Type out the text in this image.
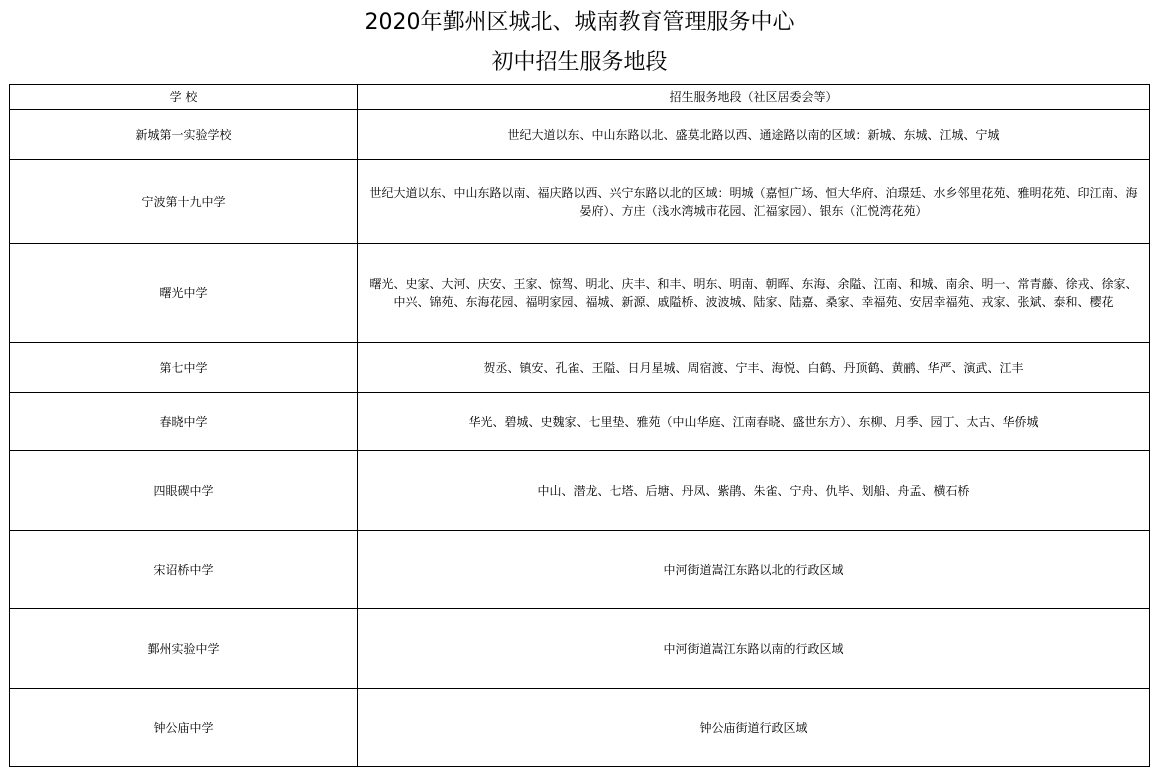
2020年鄞州区城北、城南教育管理服务中心
初中招生服务地段
学 校	招生服务地段（社区居委会等）
新城第一实验学校	世纪大道以东、中山东路以北、盛莫北路以西、通途路以南的区域：新城、东城、江城、宁城
宁波第十九中学	世纪大道以东、中山东路以南、福庆路以西、兴宁东路以北的区域：明城（嘉恒广场、恒大华府、泊璟廷、水乡邻里花苑、雅明花苑、印江南、海晏府）、方庄（浅水湾城市花园、汇福家园）、银东（汇悦湾花苑）
曙光中学	曙光、史家、大河、庆安、王家、惊驾、明北、庆丰、和丰、明东、明南、朝晖、东海、余隘、江南、和城、南余、明一、常青藤、徐戎、徐家、中兴、锦苑、东海花园、福明家园、福城、新源、戚隘桥、波波城、陆家、陆嘉、桑家、幸福苑、安居幸福苑、戎家、张斌、泰和、樱花
第七中学	贺丞、镇安、孔雀、王隘、日月星城、周宿渡、宁丰、海悦、白鹤、丹顶鹤、黄鹂、华严、演武、江丰
春晓中学	华光、碧城、史魏家、七里垫、雅苑（中山华庭、江南春晓、盛世东方）、东柳、月季、园丁、太古、华侨城
四眼碶中学	中山、潜龙、七塔、后塘、丹凤、紫鹃、朱雀、宁舟、仇毕、划船、舟孟、横石桥
宋诏桥中学	中河街道嵩江东路以北的行政区域
鄞州实验中学	中河街道嵩江东路以南的行政区域
钟公庙中学	钟公庙街道行政区域
